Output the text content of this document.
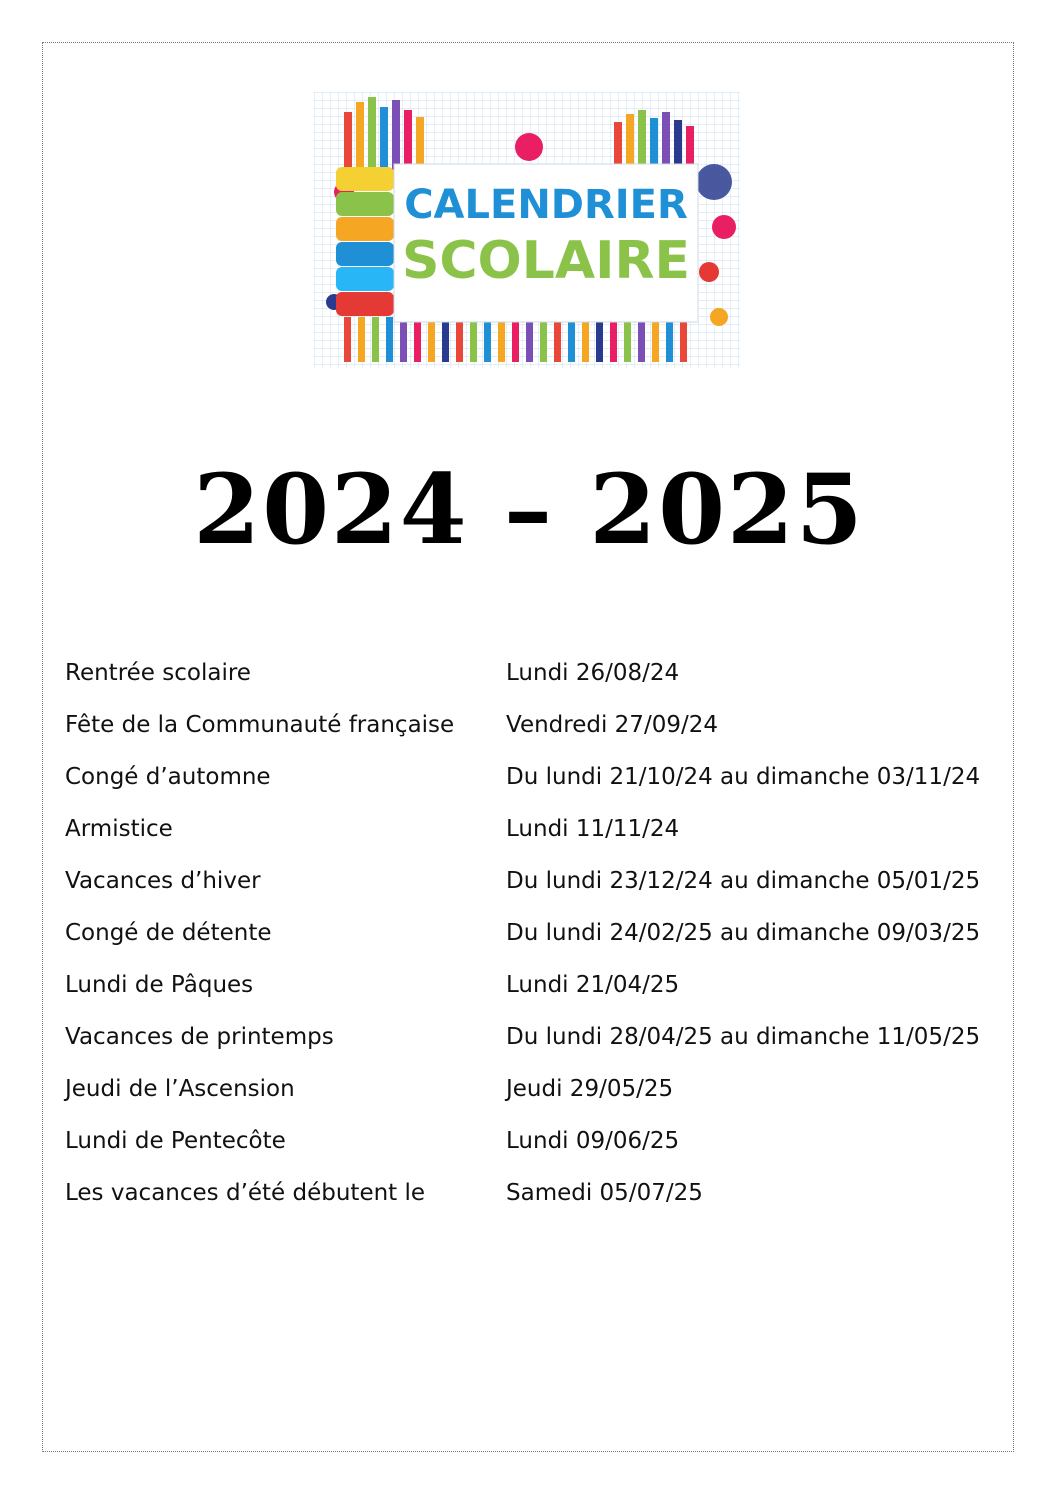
CALENDRIER
SCOLAIRE
2024 – 2025
Rentrée scolaire	Lundi 26/08/24
Fête de la Communauté française	Vendredi 27/09/24
Congé d’automne	Du lundi 21/10/24 au dimanche 03/11/24
Armistice	Lundi 11/11/24
Vacances d’hiver	Du lundi 23/12/24 au dimanche 05/01/25
Congé de détente	Du lundi 24/02/25 au dimanche 09/03/25
Lundi de Pâques	Lundi 21/04/25
Vacances de printemps	Du lundi 28/04/25 au dimanche 11/05/25
Jeudi de l’Ascension	Jeudi 29/05/25
Lundi de Pentecôte	Lundi 09/06/25
Les vacances d’été débutent le	Samedi 05/07/25
